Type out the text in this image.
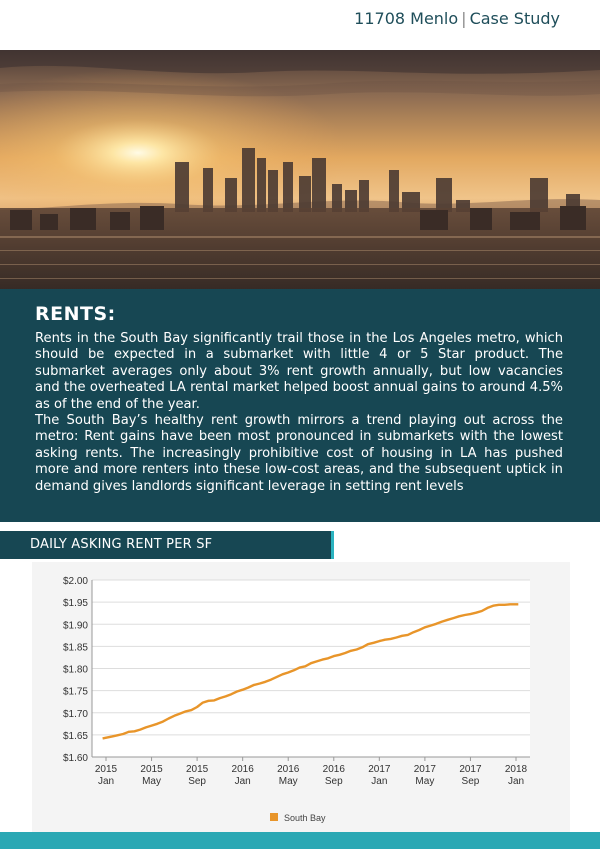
11708 Menlo | Case Study
RENTS:

Rents in the South Bay significantly trail those in the Los Angeles metro, which should be expected in a submarket with little 4 or 5 Star product. The submarket averages only about 3% rent growth annually, but low vacancies and the overheated LA rental market helped boost annual gains to around 4.5% as of the end of the year.

The South Bay’s healthy rent growth mirrors a trend playing out across the metro: Rent gains have been most pronounced in submarkets with the lowest asking rents. The increasingly prohibitive cost of housing in LA has pushed more and more renters into these low-cost areas, and the subsequent uptick in demand gives landlords significant leverage in setting rent levels

DAILY ASKING RENT PER SF
$2.00
$1.95
$1.90
$1.85
$1.80
$1.75
$1.70
$1.65
$1.60
2015
Jan
2015
May
2015
Sep
2016
Jan
2016
May
2016
Sep
2017
Jan
2017
May
2017
Sep
2018
Jan
South Bay
